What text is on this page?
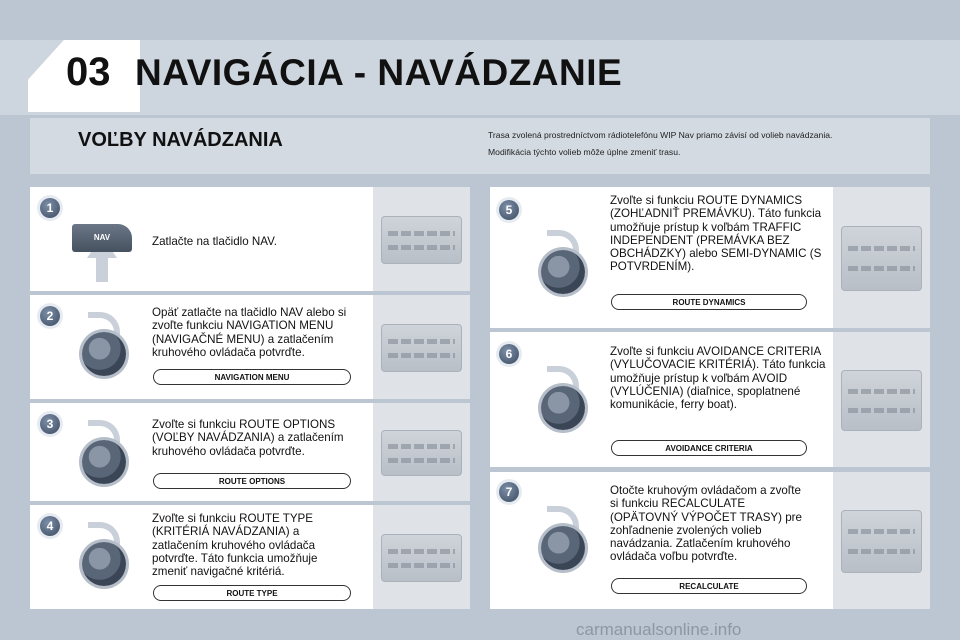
03 NAVIGÁCIA - NAVÁDZANIE
VOĽBY NAVÁDZANIA	Trasa zvolená prostredníctvom rádiotelefónu WIP Nav priamo závisí od volieb navádzania.
Modifikácia týchto volieb môže úplne zmeniť trasu.
1
NAV	Zatlačte na tlačidlo NAV.
2	Opäť zatlačte na tlačidlo NAV alebo si zvoľte funkciu NAVIGATION MENU (NAVIGAČNÉ MENU) a zatlačením kruhového ovládača potvrďte.
NAVIGATION MENU
3	Zvoľte si funkciu ROUTE OPTIONS (VOĽBY NAVÁDZANIA) a zatlačením kruhového ovládača potvrďte.
ROUTE OPTIONS
4
Zvoľte si funkciu ROUTE TYPE (KRITÉRIÁ NAVÁDZANIA) a zatlačením kruhového ovládača potvrďte. Táto funkcia umožňuje zmeniť navigačné kritériá.
ROUTE TYPE
5
Zvoľte si funkciu ROUTE DYNAMICS (ZOHĽADNIŤ PREMÁVKU). Táto funkcia umožňuje prístup k voľbám TRAFFIC INDEPENDENT (PREMÁVKA BEZ OBCHÁDZKY) alebo SEMI-DYNAMIC (S POTVRDENÍM).
ROUTE DYNAMICS
6	Zvoľte si funkciu AVOIDANCE CRITERIA (VYLUČOVACIE KRITÉRIÁ). Táto funkcia umožňuje prístup k voľbám AVOID (VYLÚČENIA) (diaľnice, spoplatnené komunikácie, ferry boat).
AVOIDANCE CRITERIA
7	Otočte kruhovým ovládačom a zvoľte si funkciu RECALCULATE (OPÄTOVNÝ VÝPOČET TRASY) pre zohľadnenie zvolených volieb navádzania. Zatlačením kruhového ovládača voľbu potvrďte.
RECALCULATE
carmanualsonline.info
